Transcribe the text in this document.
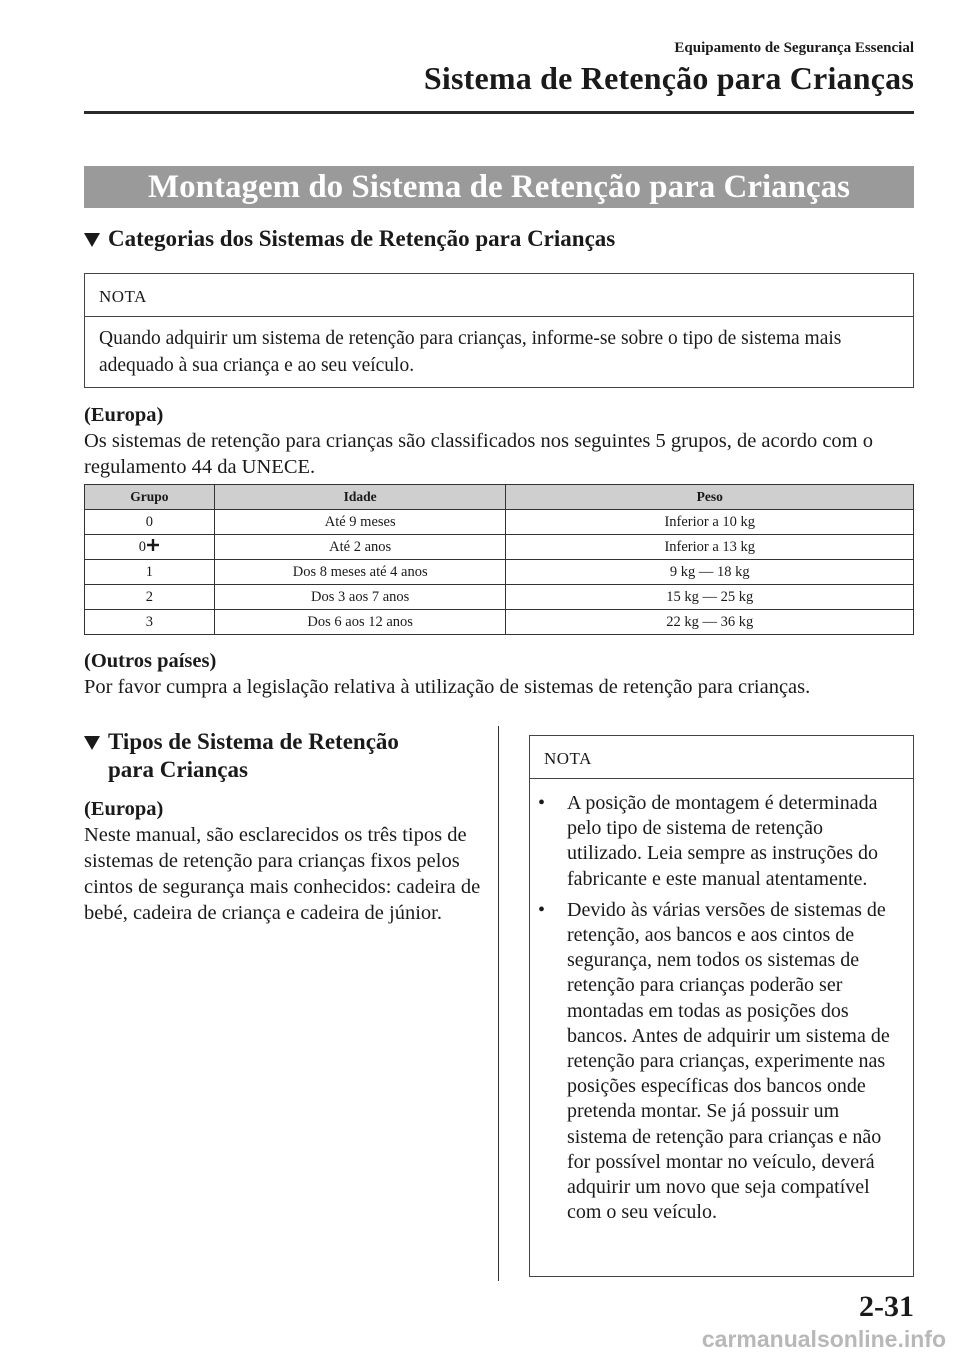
Equipamento de Segurança Essencial
Sistema de Retenção para Crianças
Montagem do Sistema de Retenção para Crianças
Categorias dos Sistemas de Retenção para Crianças
NOTA
Quando adquirir um sistema de retenção para crianças, informe-se sobre o tipo de sistema mais adequado à sua criança e ao seu veículo.
(Europa)
Os sistemas de retenção para crianças são classificados nos seguintes 5 grupos, de acordo com o regulamento 44 da UNECE.
Grupo	Idade	Peso
0	Até 9 meses	Inferior a 10 kg
0	Até 2 anos	Inferior a 13 kg
1	Dos 8 meses até 4 anos	9 kg — 18 kg
2	Dos 3 aos 7 anos	15 kg — 25 kg
3	Dos 6 aos 12 anos	22 kg — 36 kg
(Outros países)
Por favor cumpra a legislação relativa à utilização de sistemas de retenção para crianças.
Tipos de Sistema de Retenção
para Crianças
(Europa)
Neste manual, são esclarecidos os três tipos de sistemas de retenção para crianças fixos pelos cintos de segurança mais conhecidos: cadeira de bebé, cadeira de criança e cadeira de júnior.
NOTA
• A posição de montagem é determinada pelo tipo de sistema de retenção utilizado. Leia sempre as instruções do fabricante e este manual atentamente.
• Devido às várias versões de sistemas de retenção, aos bancos e aos cintos de segurança, nem todos os sistemas de retenção para crianças poderão ser montadas em todas as posições dos bancos. Antes de adquirir um sistema de retenção para crianças, experimente nas posições específicas dos bancos onde pretenda montar. Se já possuir um sistema de retenção para crianças e não for possível montar no veículo, deverá adquirir um novo que seja compatível com o seu veículo.
2-31
carmanualsonline.info
